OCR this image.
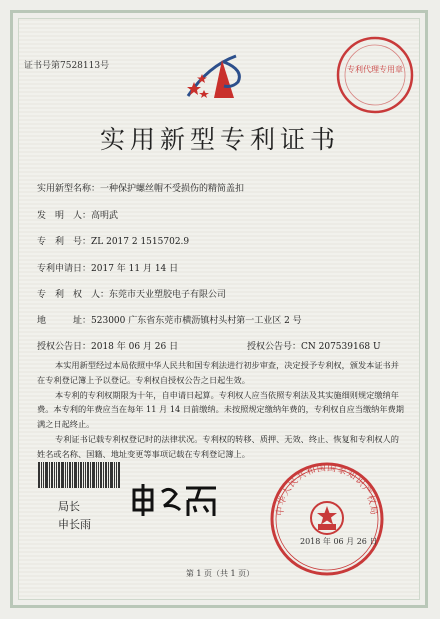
证书号第7528113号	专利代理专用章
实用新型专利证书
实用新型名称：一种保护螺丝帽不受损伤的精简盖扣
发　明　人：高明武
专　利　号：ZL 2017 2 1515702.9
专利申请日：2017 年 11 月 14 日
专　利　权　人：东莞市天业塑胶电子有限公司
地　　　址：523000 广东省东莞市横沥镇村头村第一工业区 2 号
授权公告日：2018 年 06 月 26 日	授权公告号：CN 207539168 U

本实用新型经过本局依照中华人民共和国专利法进行初步审查，决定授予专利权，颁发本证书并在专利登记簿上予以登记。专利权自授权公告之日起生效。

本专利的专利权期限为十年，自申请日起算。专利权人应当依照专利法及其实施细则规定缴纳年费。本专利的年费应当在每年 11 月 14 日前缴纳。未按照规定缴纳年费的，专利权自应当缴纳年费期满之日起终止。

专利证书记载专利权登记时的法律状况。专利权的转移、质押、无效、终止、恢复和专利权人的姓名或名称、国籍、地址变更等事项记载在专利登记簿上。

局长
申长雨
中华人民共和国国家知识产权局
2018 年 06 月 26 日
第 1 页（共 1 页）
